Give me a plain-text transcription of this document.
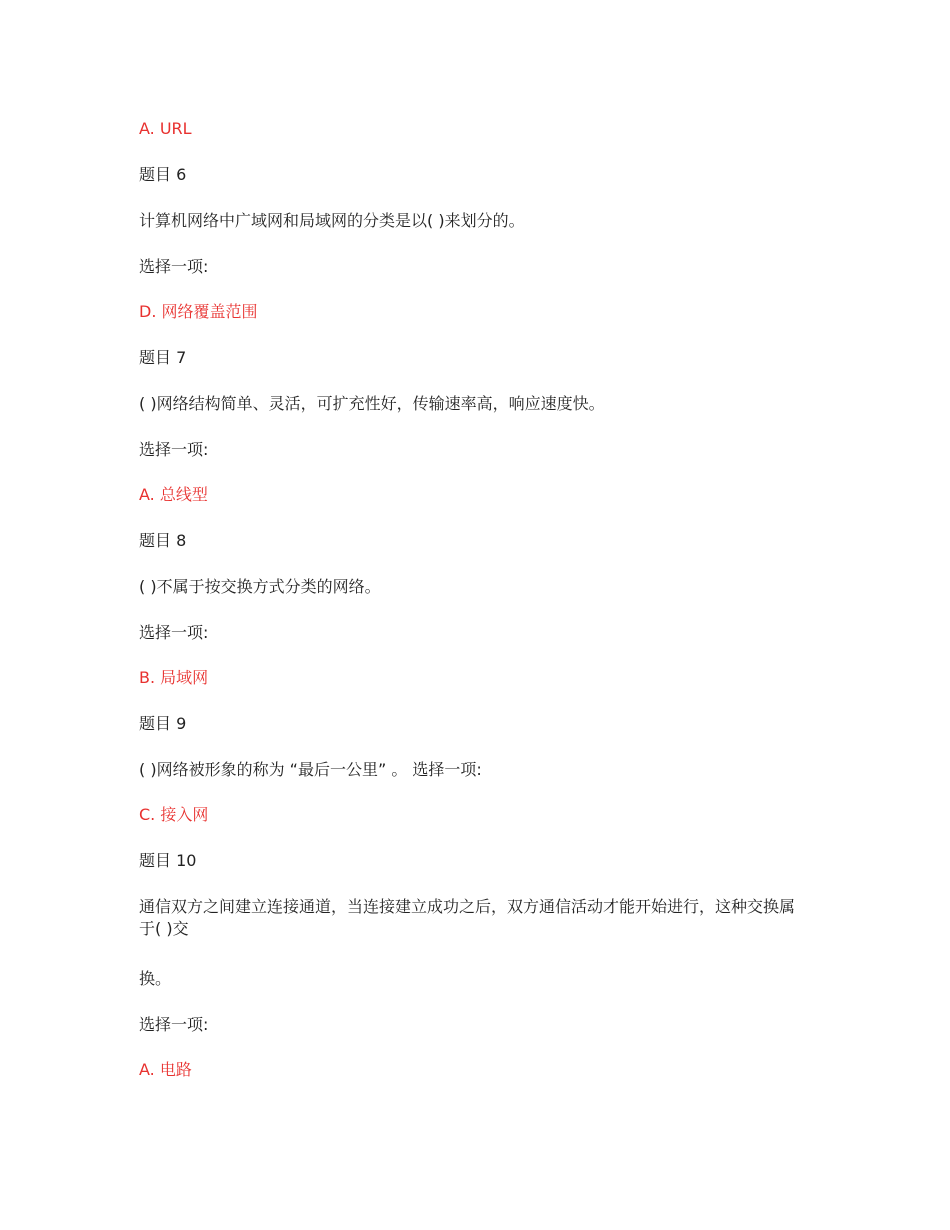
A. URL
题目 6
计算机网络中广域网和局域网的分类是以( )来划分的。
选择一项:
D. 网络覆盖范围
题目 7
( )网络结构简单、灵活，可扩充性好，传输速率高，响应速度快。
选择一项:
A. 总线型
题目 8
( )不属于按交换方式分类的网络。
选择一项:
B. 局域网
题目 9
( )网络被形象的称为 “最后一公里” 。 选择一项:
C. 接入网
题目 10
通信双方之间建立连接通道，当连接建立成功之后，双方通信活动才能开始进行，这种交换属于( )交
换。
选择一项:
A. 电路
